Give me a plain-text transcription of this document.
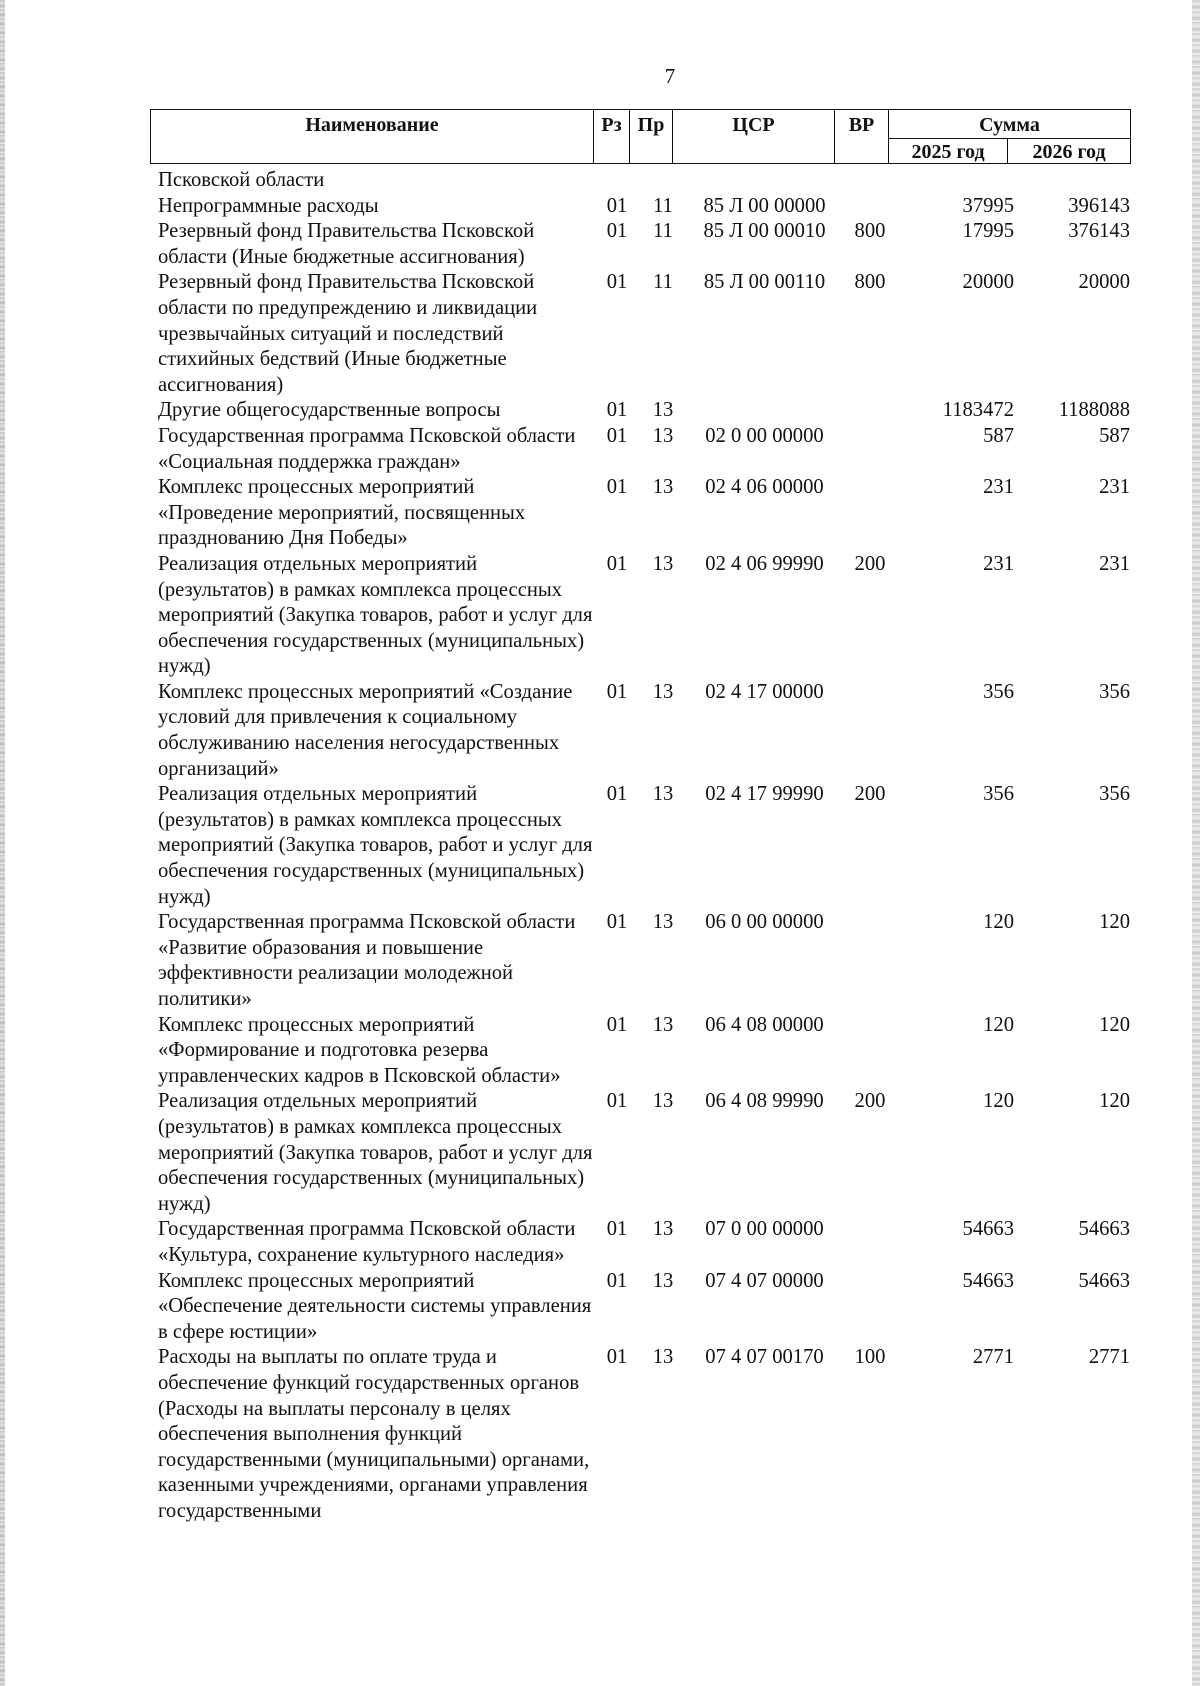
7
Наименование	Рз	Пр	ЦСР	ВР	Сумма	
					2025 год	2026 год
Псковской области						
Непрограммные расходы	01	11	85 Л 00 00000		37995	396143
Резервный фонд Правительства Псковской области (Иные бюджетные ассигнования)	01	11	85 Л 00 00010	800	17995	376143
Резервный фонд Правительства Псковской области по предупреждению и ликвидации чрезвычайных ситуаций и последствий стихийных бедствий (Иные бюджетные ассигнования)	01	11	85 Л 00 00110	800	20000	20000
Другие общегосударственные вопросы	01	13			1183472	1188088
Государственная программа Псковской области «Социальная поддержка граждан»	01	13	02 0 00 00000		587	587
Комплекс процессных мероприятий «Проведение мероприятий, посвященных празднованию Дня Победы»	01	13	02 4 06 00000		231	231
Реализация отдельных мероприятий (результатов) в рамках комплекса процессных мероприятий (Закупка товаров, работ и услуг для обеспечения государственных (муниципальных) нужд)	01	13	02 4 06 99990	200	231	231
Комплекс процессных мероприятий «Создание условий для привлечения к социальному обслуживанию населения негосударственных организаций»	01	13	02 4 17 00000		356	356
Реализация отдельных мероприятий (результатов) в рамках комплекса процессных мероприятий (Закупка товаров, работ и услуг для обеспечения государственных (муниципальных) нужд)	01	13	02 4 17 99990	200	356	356
Государственная программа Псковской области «Развитие образования и повышение эффективности реализации молодежной политики»	01	13	06 0 00 00000		120	120
Комплекс процессных мероприятий «Формирование и подготовка резерва управленческих кадров в Псковской области»	01	13	06 4 08 00000		120	120
Реализация отдельных мероприятий (результатов) в рамках комплекса процессных мероприятий (Закупка товаров, работ и услуг для обеспечения государственных (муниципальных) нужд)	01	13	06 4 08 99990	200	120	120
Государственная программа Псковской области «Культура, сохранение культурного наследия»	01	13	07 0 00 00000		54663	54663
Комплекс процессных мероприятий «Обеспечение деятельности системы управления в сфере юстиции»	01	13	07 4 07 00000		54663	54663
Расходы на выплаты по оплате труда и обеспечение функций государственных органов (Расходы на выплаты персоналу в целях обеспечения выполнения функций государственными (муниципальными) органами, казенными учреждениями, органами управления государственными	01	13	07 4 07 00170	100	2771	2771
